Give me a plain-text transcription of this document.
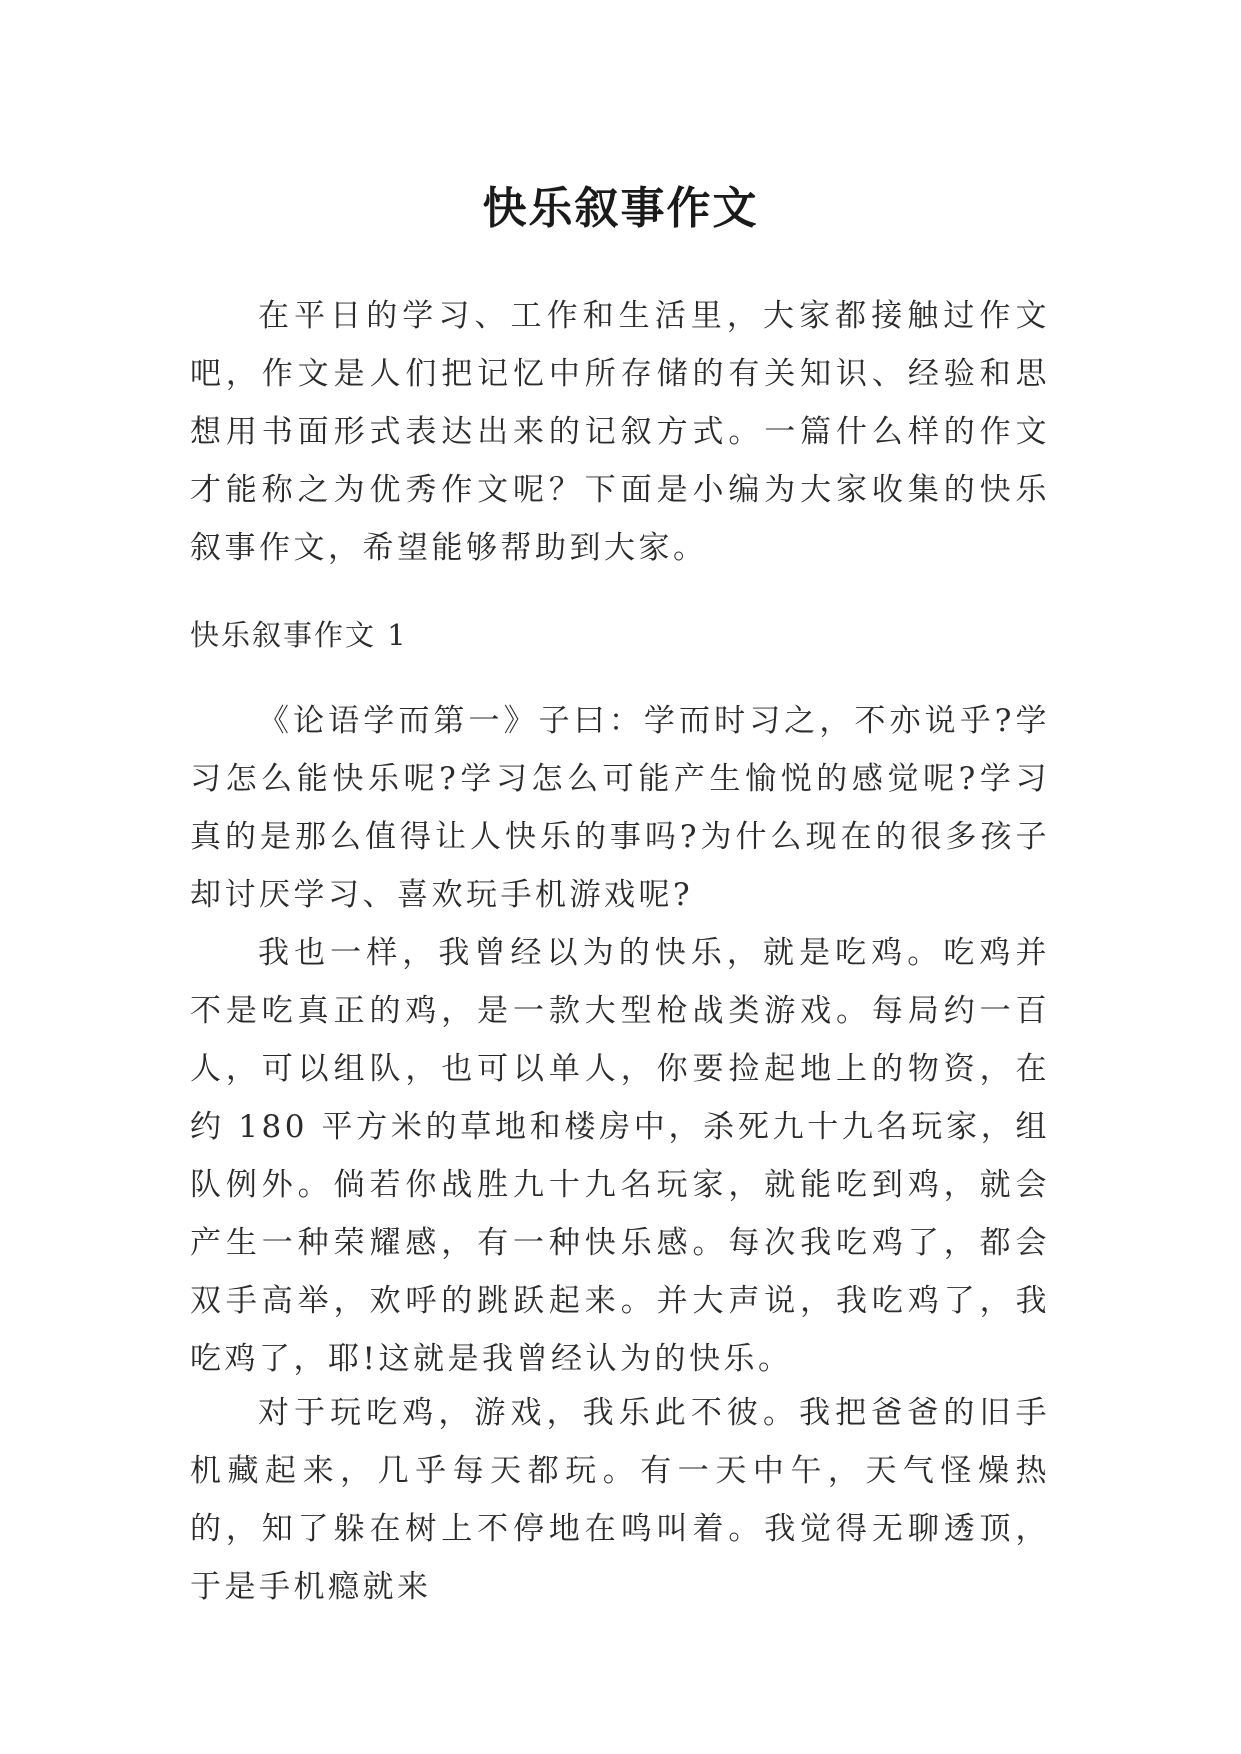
快乐叙事作文

在平日的学习、工作和生活里，大家都接触过作文吧，作文是人们把记忆中所存储的有关知识、经验和思想用书面形式表达出来的记叙方式。一篇什么样的作文才能称之为优秀作文呢？下面是小编为大家收集的快乐叙事作文，希望能够帮助到大家。

快乐叙事作文 1

《论语学而第一》子曰：学而时习之，不亦说乎?学习怎么能快乐呢?学习怎么可能产生愉悦的感觉呢?学习真的是那么值得让人快乐的事吗?为什么现在的很多孩子却讨厌学习、喜欢玩手机游戏呢?

我也一样，我曾经以为的快乐，就是吃鸡。吃鸡并不是吃真正的鸡，是一款大型枪战类游戏。每局约一百人，可以组队，也可以单人，你要捡起地上的物资，在约 180 平方米的草地和楼房中，杀死九十九名玩家，组队例外。倘若你战胜九十九名玩家，就能吃到鸡，就会产生一种荣耀感，有一种快乐感。每次我吃鸡了，都会双手高举，欢呼的跳跃起来。并大声说，我吃鸡了，我吃鸡了，耶!这就是我曾经认为的快乐。

对于玩吃鸡，游戏，我乐此不彼。我把爸爸的旧手机藏起来，几乎每天都玩。有一天中午，天气怪燥热的，知了躲在树上不停地在鸣叫着。我觉得无聊透顶，于是手机瘾就来
